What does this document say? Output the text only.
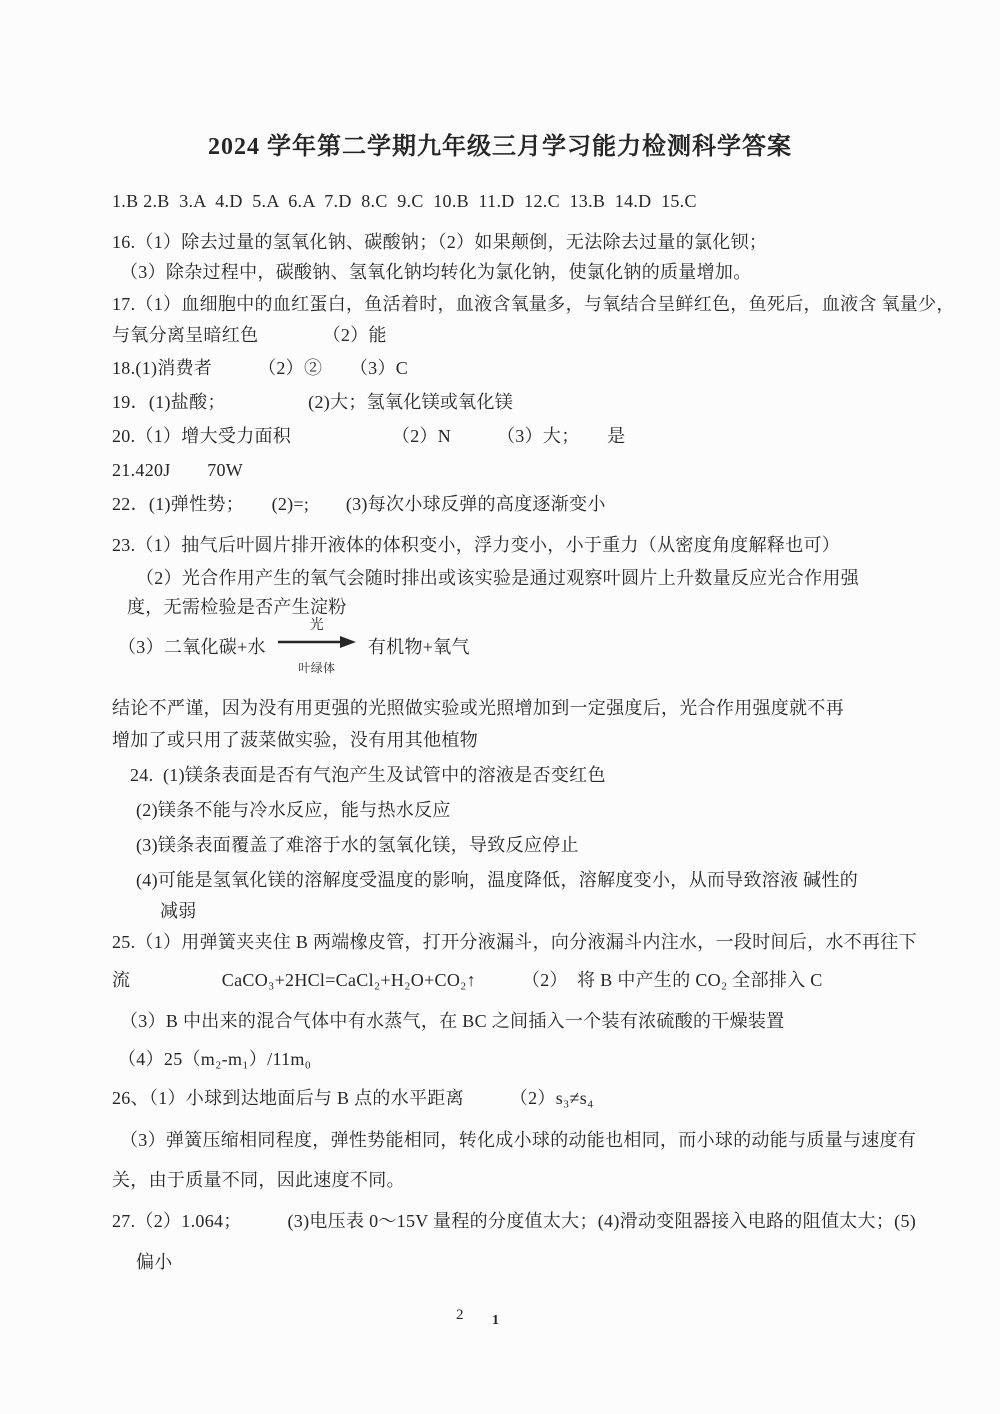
2024 学年第二学期九年级三月学习能力检测科学答案
1.B 2.B  3.A  4.D  5.A  6.A  7.D  8.C  9.C  10.B  11.D  12.C  13.B  14.D  15.C
16.（1）除去过量的氢氧化钠、碳酸钠；（2）如果颠倒，无法除去过量的氯化钡；
（3）除杂过程中，碳酸钠、氢氧化钠均转化为氯化钠，使氯化钠的质量增加。
17.（1）血细胞中的血红蛋白，鱼活着时，血液含氧量多，与氧结合呈鲜红色，鱼死后，血液含 氧量少，
与氧分离呈暗红色　　　　（2）能
18.(1)消费者　　　（2）②　　（3）C
19．(1)盐酸；　　　　　(2)大；氢氧化镁或氧化镁
20.（1）增大受力面积　　　　　　（2）N　　　（3）大；　　是
21.420J　　70W
22．(1)弹性势；　　(2)=;　　(3)每次小球反弹的高度逐渐变小
23.（1）抽气后叶圆片排开液体的体积变小，浮力变小，小于重力（从密度角度解释也可）
（2）光合作用产生的氧气会随时排出或该实验是通过观察叶圆片上升数量反应光合作用强
度，无需检验是否产生淀粉
（3）二氧化碳+水
光
叶绿体
有机物+氧气
结论不严谨，因为没有用更强的光照做实验或光照增加到一定强度后，光合作用强度就不再
增加了或只用了菠菜做实验，没有用其他植物
24.  (1)镁条表面是否有气泡产生及试管中的溶液是否变红色
(2)镁条不能与冷水反应，能与热水反应
(3)镁条表面覆盖了难溶于水的氢氧化镁，导致反应停止
(4)可能是氢氧化镁的溶解度受温度的影响，温度降低，溶解度变小，从而导致溶液 碱性的
减弱
25.（1）用弹簧夹夹住 B 两端橡皮管，打开分液漏斗，向分液漏斗内注水，一段时间后，水不再往下
流　　　　　CaCO₃+2HCl=CaCl₂+H₂O+CO₂↑　　　（2）　将 B 中产生的 CO₂ 全部排入 C
（3）B 中出来的混合气体中有水蒸气，在 BC 之间插入一个装有浓硫酸的干燥装置
（4）25（m₂-m₁）/11m₀
26、（1）小球到达地面后与 B 点的水平距离　　　（2）s₃≠s₄
（3）弹簧压缩相同程度，弹性势能相同，转化成小球的动能也相同，而小球的动能与质量与速度有
关，由于质量不同，因此速度不同。
27.（2）1.064；　　　(3)电压表 0～15V 量程的分度值太大；(4)滑动变阻器接入电路的阻值太大；(5)
偏小
2 1
